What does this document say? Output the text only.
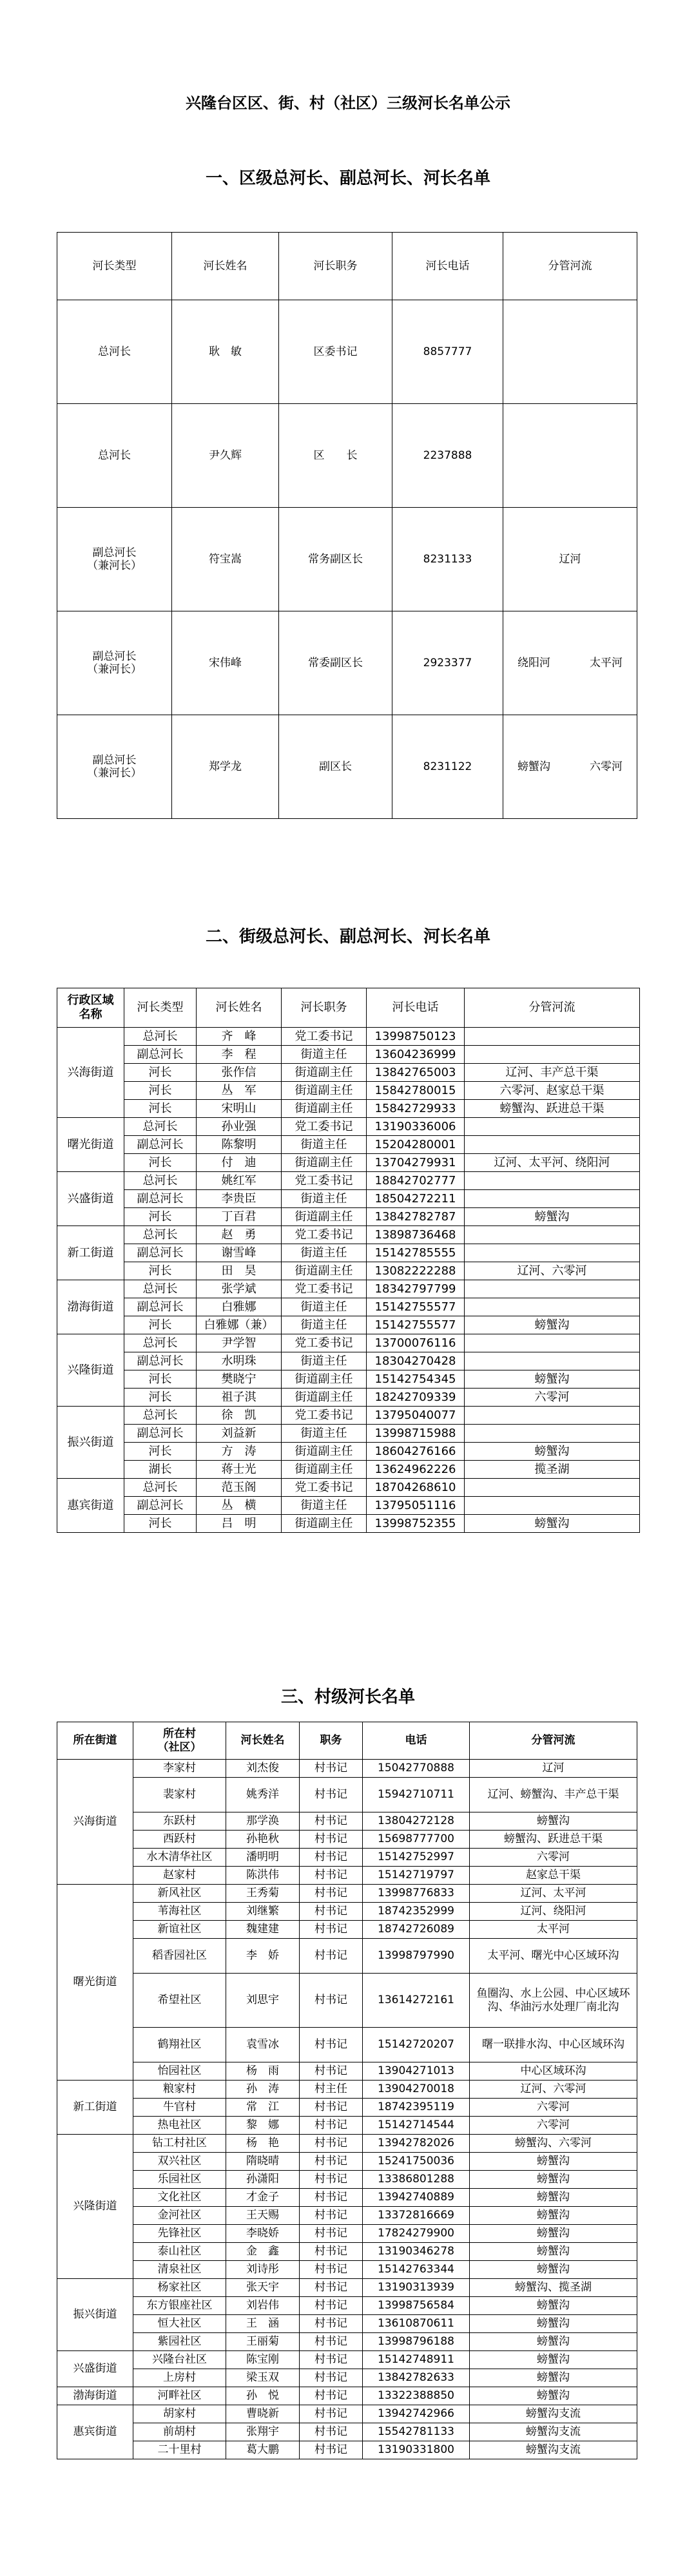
兴隆台区区、街、村（社区）三级河长名单公示
一、区级总河长、副总河长、河长名单
河长类型	河长姓名	河长职务	河长电话	分管河流
总河长	耿　敏	区委书记	8857777	
总河长	尹久辉	区　　长	2237888	
副总河长
（兼河长）	符宝嵩	常务副区长	8231133	辽河

副总河长
（兼河长）	宋伟峰	常委副区长	2923377	绕阳河 太平河

副总河长
（兼河长）	郑学龙	副区长	8231122	螃蟹沟 六零河
二、街级总河长、副总河长、河长名单
行政区域
名称	河长类型	河长姓名	河长职务	河长电话	分管河流
兴海街道	总河长	齐　峰	党工委书记	13998750123	
	副总河长	李　程	街道主任	13604236999	
	河长	张作信	街道副主任	13842765003	辽河、丰产总干渠
	河长	丛　军	街道副主任	15842780015	六零河、赵家总干渠
	河长	宋明山	街道副主任	15842729933	螃蟹沟、跃进总干渠
曙光街道	总河长	孙业强	党工委书记	13190336006	
	副总河长	陈黎明	街道主任	15204280001	
	河长	付　迪	街道副主任	13704279931	辽河、太平河、绕阳河
兴盛街道	总河长	姚红军	党工委书记	18842702777	
	副总河长	李贵臣	街道主任	18504272211	
	河长	丁百君	街道副主任	13842782787	螃蟹沟
新工街道	总河长	赵　勇	党工委书记	13898736468	
	副总河长	谢雪峰	街道主任	15142785555	
	河长	田　昊	街道副主任	13082222288	辽河、六零河
渤海街道	总河长	张学斌	党工委书记	18342797799	
	副总河长	白雅娜	街道主任	15142755577	
	河长	白雅娜（兼）	街道主任	15142755577	螃蟹沟
兴隆街道	总河长	尹学智	党工委书记	13700076116	
	副总河长	水明珠	街道主任	18304270428	
	河长	樊晓宁	街道副主任	15142754345	螃蟹沟
	河长	祖子淇	街道副主任	18242709339	六零河
振兴街道	总河长	徐　凯	党工委书记	13795040077	
	副总河长	刘益新	街道主任	13998715988	
	河长	方　涛	街道副主任	18604276166	螃蟹沟
	湖长	蒋士光	街道副主任	13624962226	揽圣湖
惠宾街道	总河长	范玉阁	党工委书记	18704268610	
	副总河长	丛　横	街道主任	13795051116	
	河长	吕　明	街道副主任	13998752355	螃蟹沟
三、村级河长名单
所在街道	所在村
（社区）	河长姓名	职务	电话	分管河流
兴海街道	李家村	刘杰俊	村书记	15042770888	辽河
	裴家村	姚秀洋	村书记	15942710711	辽河、螃蟹沟、丰产总干渠
	东跃村	那学涣	村书记	13804272128	螃蟹沟
	西跃村	孙艳秋	村书记	15698777700	螃蟹沟、跃进总干渠
	水木清华社区	潘明明	村书记	15142752997	六零河
	赵家村	陈洪伟	村书记	15142719797	赵家总干渠
曙光街道	新风社区	王秀菊	村书记	13998776833	辽河、太平河
	苇海社区	刘继繁	村书记	18742352999	辽河、绕阳河
	新谊社区	魏建建	村书记	18742726089	太平河
	稻香园社区	李　娇	村书记	13998797990	太平河、曙光中心区域环沟
	希望社区	刘思宇	村书记	13614272161	鱼圈沟、水上公园、中心区域环沟、华油污水处理厂南北沟
	鹤翔社区	袁雪冰	村书记	15142720207	曙一联排水沟、中心区域环沟
	怡园社区	杨　雨	村书记	13904271013	中心区域环沟
新工街道	粮家村	孙　涛	村主任	13904270018	辽河、六零河
	牛官村	常　江	村书记	18742395119	六零河
	热电社区	黎　娜	村书记	15142714544	六零河
兴隆街道	钻工村社区	杨　艳	村书记	13942782026	螃蟹沟、六零河
	双兴社区	隋晓晴	村书记	15241750036	螃蟹沟
	乐园社区	孙潇阳	村书记	13386801288	螃蟹沟
	文化社区	才金子	村书记	13942740889	螃蟹沟
	金河社区	王天赐	村书记	13372816669	螃蟹沟
	先锋社区	李晓娇	村书记	17824279900	螃蟹沟
	泰山社区	金　鑫	村书记	13190346278	螃蟹沟
	清泉社区	刘诗彤	村书记	15142763344	螃蟹沟
振兴街道	杨家社区	张天宇	村书记	13190313939	螃蟹沟、揽圣湖
	东方银座社区	刘岩伟	村书记	13998756584	螃蟹沟
	恒大社区	王　涵	村书记	13610870611	螃蟹沟
	紫园社区	王丽菊	村书记	13998796188	螃蟹沟
兴盛街道	兴隆台社区	陈宝刚	村书记	15142748911	螃蟹沟
	上房村	梁玉双	村书记	13842782633	螃蟹沟
渤海街道	河畔社区	孙　悦	村书记	13322388850	螃蟹沟
惠宾街道	胡家村	曹晓新	村书记	13942742966	螃蟹沟支流
	前胡村	张翔宇	村书记	15542781133	螃蟹沟支流
	二十里村	葛大鹏	村书记	13190331800	螃蟹沟支流
